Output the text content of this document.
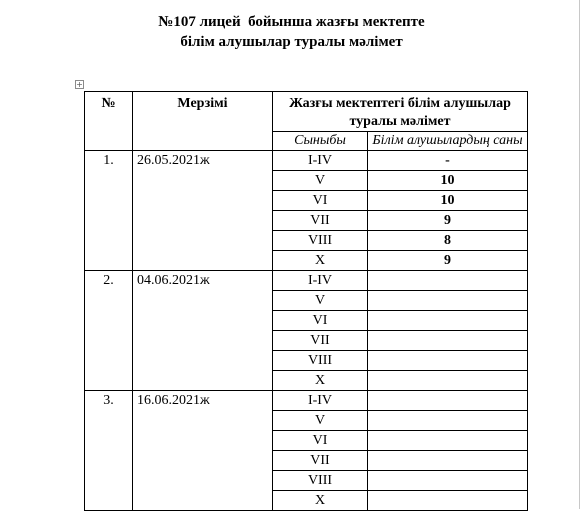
№107 лицей  бойынша жазғы мектепте
білім алушылар туралы мәлімет
+
№	Мерзімі	Жазғы мектептегі білім алушылар туралы мәлімет	
		Сыныбы	Білім алушылардың саны
1.	26.05.2021ж	I-IV	-
		V	10
		VI	10
		VII	9
		VIII	8
		X	9
2.	04.06.2021ж	I-IV	
		V	
		VI	
		VII	
		VIII	
		X	
3.	16.06.2021ж	I-IV	
		V	
		VI	
		VII	
		VIII	
		X	
